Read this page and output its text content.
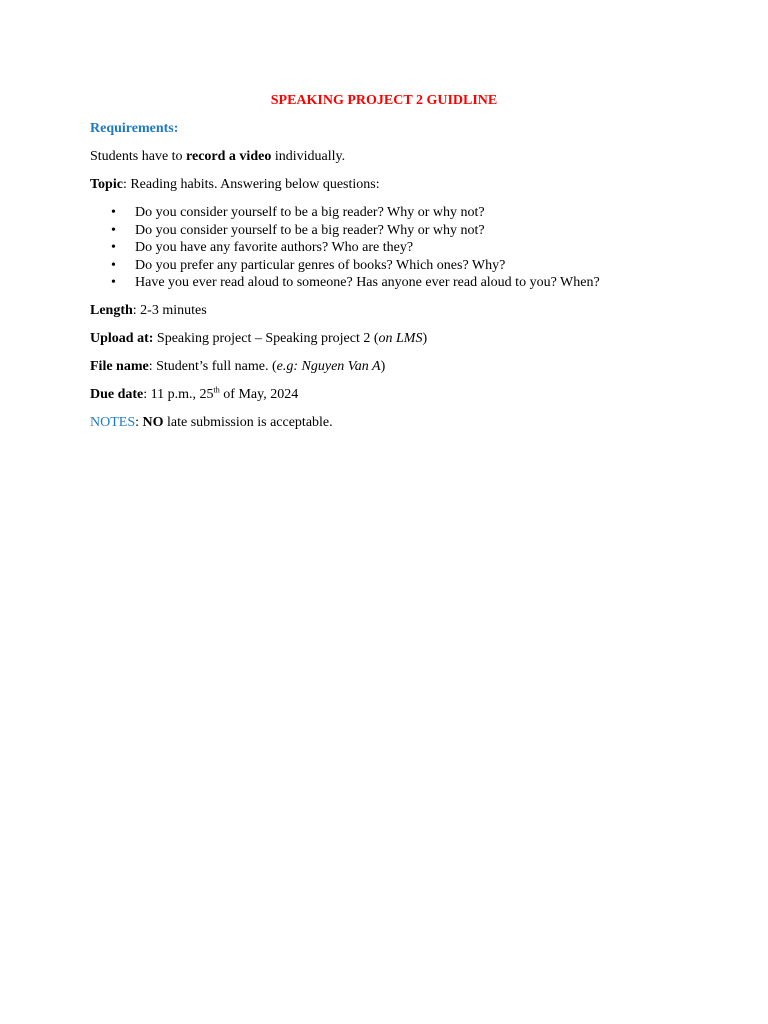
SPEAKING PROJECT 2 GUIDLINE
Requirements:

Students have to record a video individually.

Topic: Reading habits. Answering below questions:

• Do you consider yourself to be a big reader? Why or why not?
• Do you consider yourself to be a big reader? Why or why not?
• Do you have any favorite authors? Who are they?
• Do you prefer any particular genres of books? Which ones? Why?
• Have you ever read aloud to someone? Has anyone ever read aloud to you? When?

Length: 2-3 minutes

Upload at: Speaking project – Speaking project 2 (on LMS)

File name: Student’s full name. (e.g: Nguyen Van A)

Due date: 11 p.m., 25th of May, 2024

NOTES: NO late submission is acceptable.
